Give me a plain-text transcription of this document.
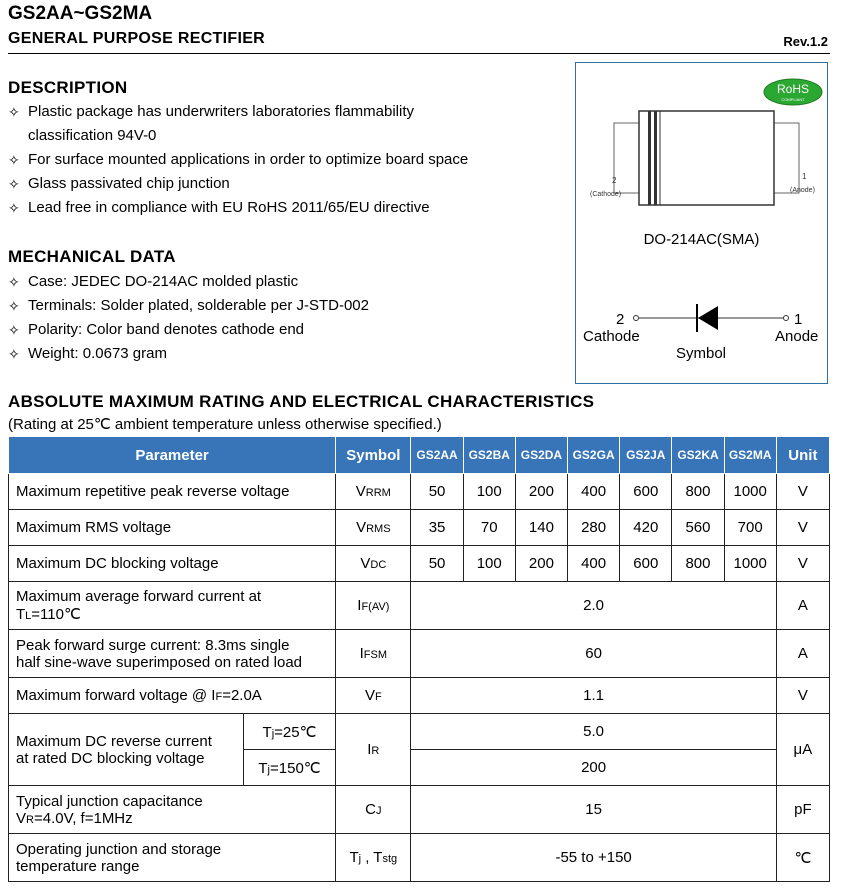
GS2AA~GS2MA
GENERAL PURPOSE RECTIFIER	Rev.1.2
DESCRIPTION
✧ Plastic package has underwriters laboratories flammability
classification 94V-0
✧ For surface mounted applications in order to optimize board space
✧ Glass passivated chip junction
✧ Lead free in compliance with EU RoHS 2011/65/EU directive
MECHANICAL DATA
✧ Case: JEDEC DO-214AC molded plastic
✧ Terminals: Solder plated, solderable per J-STD-002
✧ Polarity: Color band denotes cathode end
✧ Weight: 0.0673 gram
RoHS
COMPLIANT
2
(Cathode)
1
(Anode)
DO-214AC(SMA)
2
Cathode
1
Anode
Symbol
ABSOLUTE MAXIMUM RATING AND ELECTRICAL CHARACTERISTICS
(Rating at 25℃ ambient temperature unless otherwise specified.)
Parameter		Symbol	GS2AA	GS2BA	GS2DA	GS2GA	GS2JA	GS2KA	GS2MA	Unit
Maximum repetitive peak reverse voltage		VRRM	50	100	200	400	600	800	1000	V
Maximum RMS voltage		VRMS	35	70	140	280	420	560	700	V
Maximum DC blocking voltage		VDC	50	100	200	400	600	800	1000	V
Maximum average forward current at
TL=110℃		IF(AV)	2.0							A
Peak forward surge current: 8.3ms single
half sine-wave superimposed on rated load		IFSM	60							A
Maximum forward voltage @ IF=2.0A		VF	1.1							V
Maximum DC reverse current
at rated DC blocking voltage	Tj=25℃	IR	5.0							μA
	Tj=150℃		200							
Typical junction capacitance
VR=4.0V, f=1MHz		CJ	15							pF
Operating junction and storage
temperature range		Tj , Tstg	-55 to +150							℃
